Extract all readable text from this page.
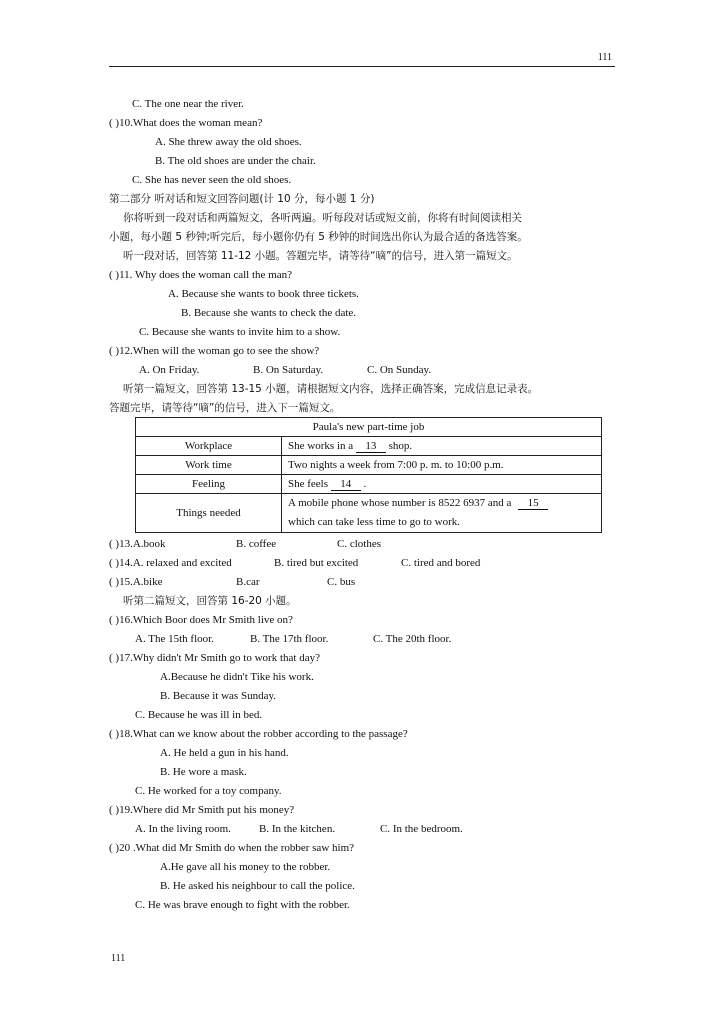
111
C. The one near the river.
( )10.What does the woman mean?
A. She threw away the old shoes.
B. The old shoes are under the chair.
C. She has never seen the old shoes.
第二部分 听对话和短文回答问题(计 10 分，每小题 1 分)
你将听到一段对话和两篇短文，各听两遍。听每段对话或短文前，你将有时间阅读相关
小题，每小题 5 秒钟;听完后，每小题你仍有 5 秒钟的时间选出你认为最合适的备选答案。
听一段对话，回答第 11-12 小题。答题完毕，请等待“嘀”的信号，进入第一篇短文。
( )11. Why does the woman call the man?
A. Because she wants to book three tickets.
B. Because she wants to check the date.
C. Because she wants to invite him to a show.
( )12.When will the woman go to see the show?
A. On Friday.	B. On Saturday.	C. On Sunday.
听第一篇短文，回答第 13-15 小题，请根据短文内容，选择正确答案，完成信息记录表。
答题完毕，请等待“嘀”的信号，进入下一篇短文。
Paula's new part-time job	
Workplace	She works in a 13 shop.
Work time	Two nights a week from 7:00 p. m. to 10:00 p.m.
Feeling	She feels 14 .
Things needed	A mobile phone whose number is 8522 6937 and a 15
which can take less time to go to work.
( )13.A.book	B. coffee	C. clothes
( )14.A. relaxed and excited	B. tired but excited	C. tired and bored
( )15.A.bike	B.car	C. bus
听第二篇短文，回答第 16-20 小题。
( )16.Which Boor does Mr Smith live on?
A. The 15th floor.	B. The 17th floor.	C. The 20th floor.
( )17.Why didn't Mr Smith go to work that day?
A.Because he didn't Tike his work.
B. Because it was Sunday.
C. Because he was ill in bed.
( )18.What can we know about the robber according to the passage?
A. He held a gun in his hand.
B. He wore a mask.
C. He worked for a toy company.
( )19.Where did Mr Smith put his money?
A. In the living room.	B. In the kitchen.	C. In the bedroom.
( )20 .What did Mr Smith do when the robber saw him?
A.He gave all his money to the robber.
B. He asked his neighbour to call the police.
C. He was brave enough to fight with the robber.
111
